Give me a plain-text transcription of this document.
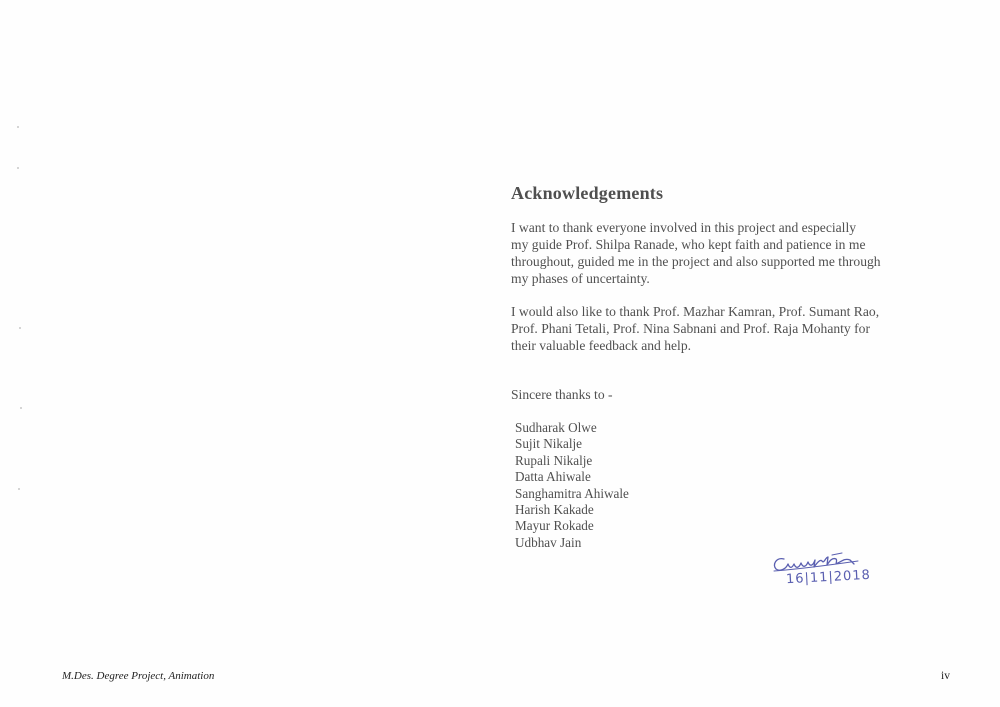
Acknowledgements

I want to thank everyone involved in this project and especially
my guide Prof. Shilpa Ranade, who kept faith and patience in me
throughout, guided me in the project and also supported me through
my phases of uncertainty.

I would also like to thank Prof. Mazhar Kamran, Prof. Sumant Rao,
Prof. Phani Tetali, Prof. Nina Sabnani and Prof. Raja Mohanty for
their valuable feedback and help.

Sincere thanks to -

Sudharak Olwe
Sujit Nikalje
Rupali Nikalje
Datta Ahiwale
Sanghamitra Ahiwale
Harish Kakade
Mayur Rokade
Udbhav Jain
16|11|2018
M.Des. Degree Project, Animation	iv
